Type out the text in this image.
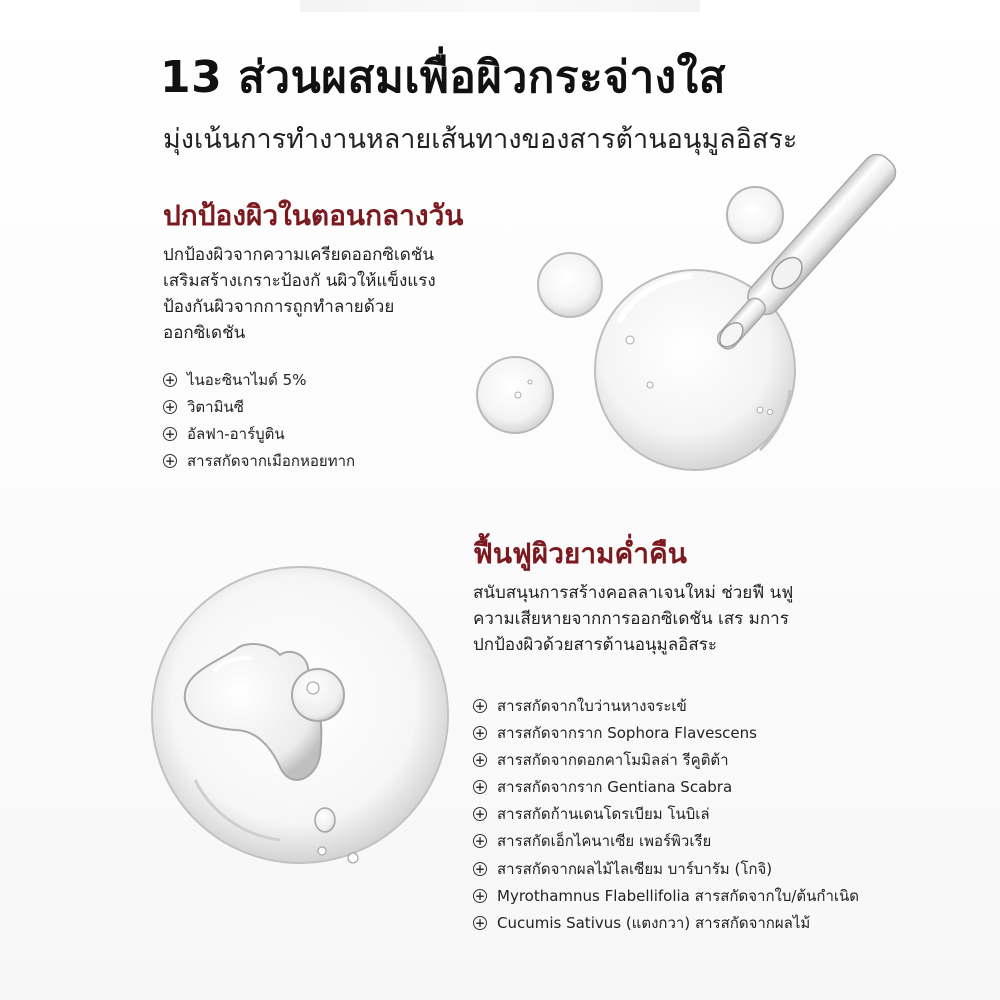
13 ส่วนผสมเพื่อผิวกระจ่างใส
มุ่งเน้นการทำงานหลายเส้นทางของสารต้านอนุมูลอิสระ
ปกป้องผิวในตอนกลางวัน

ปกป้องผิวจากความเครียดออกซิเดชัน

เสริมสร้างเกราะป้องกั นผิวให้แข็งแรง

ป้องกันผิวจากการถูกทำลายด้วย

ออกซิเดชัน

+ ไนอะซินาไมด์ 5%
+ วิตามินซี
+ อัลฟา-อาร์บูติน
+ สารสกัดจากเมือกหอยทาก
ฟื้นฟูผิวยามค่ำคืน

สนับสนุนการสร้างคอลลาเจนใหม่ ช่วยฟื นฟู

ความเสียหายจากการออกซิเดชัน เสร มการ

ปกป้องผิวด้วยสารต้านอนุมูลอิสระ

+ สารสกัดจากใบว่านหางจระเข้
+ สารสกัดจากราก Sophora Flavescens
+ สารสกัดจากดอกคาโมมิลล่า รีคูติต้า
+ สารสกัดจากราก Gentiana Scabra
+ สารสกัดก้านเดนโดรเบียม โนบิเล่
+ สารสกัดเอ็กไคนาเซีย เพอร์พิวเรีย
+ สารสกัดจากผลไม้ไลเซียม บาร์บารัม (โกจิ)
+ Myrothamnus Flabellifolia สารสกัดจากใบ/ต้นกำเนิด
+ Cucumis Sativus (แตงกวา) สารสกัดจากผลไม้
